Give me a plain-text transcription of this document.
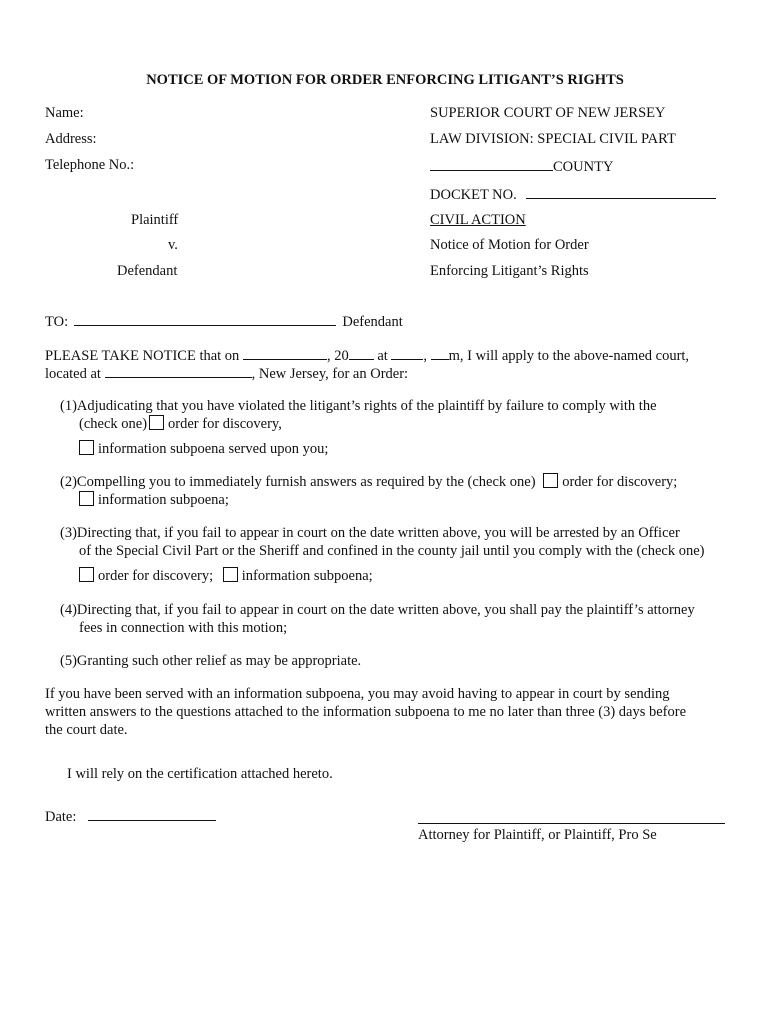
NOTICE OF MOTION FOR ORDER ENFORCING LITIGANT’S RIGHTS
Name:
Address:
Telephone No.:
Plaintiff
v.
Defendant
SUPERIOR COURT OF NEW JERSEY
LAW DIVISION: SPECIAL CIVIL PART
COUNTY
DOCKET NO.
CIVIL ACTION
Notice of Motion for Order
Enforcing Litigant’s Rights
TO:	Defendant
PLEASE TAKE NOTICE that on	, 20 at , m, I will apply to the above-named court,
located at	, New Jersey, for an Order:
(1)Adjudicating that you have violated the litigant’s rights of the plaintiff by failure to comply with the
(check one) order for discovery,
information subpoena served upon you;
(2)Compelling you to immediately furnish answers as required by the (check one) order for discovery;
information subpoena;
(3)Directing that, if you fail to appear in court on the date written above, you will be arrested by an Officer
of the Special Civil Part or the Sheriff and confined in the county jail until you comply with the (check one)
order for discovery; information subpoena;
(4)Directing that, if you fail to appear in court on the date written above, you shall pay the plaintiff’s attorney
fees in connection with this motion;
(5)Granting such other relief as may be appropriate.
If you have been served with an information subpoena, you may avoid having to appear in court by sending
written answers to the questions attached to the information subpoena to me no later than three (3) days before
the court date.
I will rely on the certification attached hereto.
Date:
Attorney for Plaintiff, or Plaintiff, Pro Se
